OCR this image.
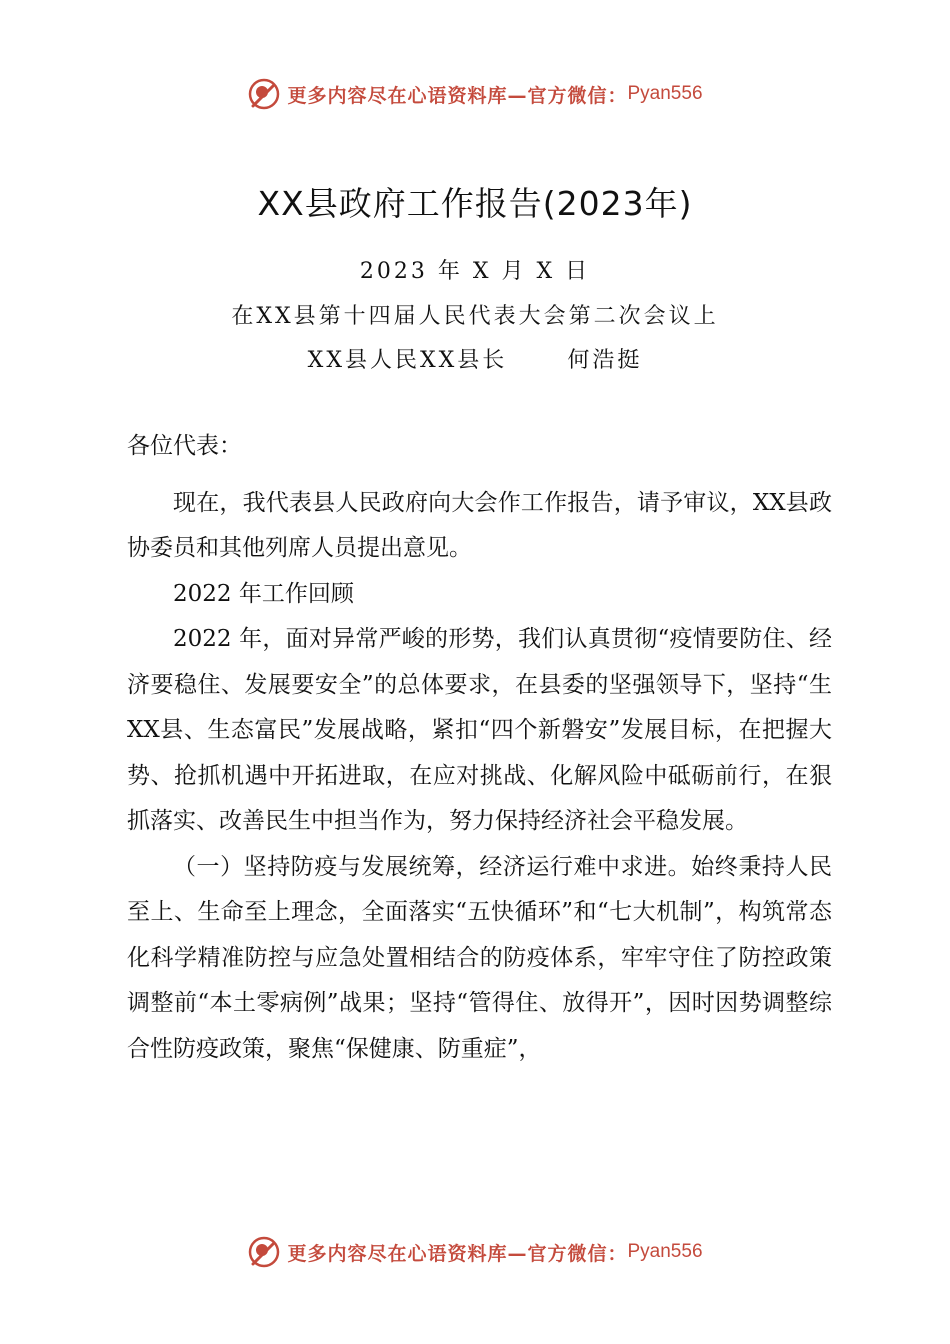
更多内容尽在心语资料库—官方微信： Pyan556
XX县政府工作报告(2023年)
2023 年 X 月 X 日
在XX县第十四届人民代表大会第二次会议上
XX县人民XX县长	何浩挺

各位代表：

现在，我代表县人民政府向大会作工作报告，请予审议，XX县政协委员和其他列席人员提出意见。

2022 年工作回顾

2022 年，面对异常严峻的形势，我们认真贯彻“疫情要防住、经济要稳住、发展要安全”的总体要求，在县委的坚强领导下，坚持“生XX县、生态富民”发展战略，紧扣“四个新磐安”发展目标，在把握大势、抢抓机遇中开拓进取，在应对挑战、化解风险中砥砺前行，在狠抓落实、改善民生中担当作为，努力保持经济社会平稳发展。

（一）坚持防疫与发展统筹，经济运行难中求进。始终秉持人民至上、生命至上理念，全面落实“五快循环”和“七大机制”，构筑常态化科学精准防控与应急处置相结合的防疫体系，牢牢守住了防控政策调整前“本土零病例”战果；坚持“管得住、放得开”，因时因势调整综合性防疫政策，聚焦“保健康、防重症”，

更多内容尽在心语资料库—官方微信： Pyan556
